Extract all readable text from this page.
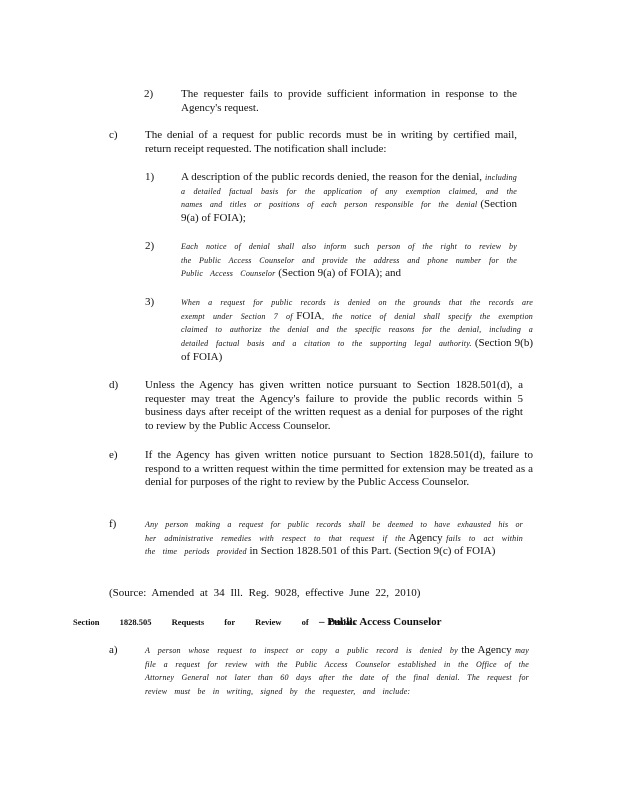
2)	The requester fails to provide sufficient information in response to the Agency's request.
c) The denial of a request for public records must be in writing by certified mail, return receipt requested. The notification shall include:
1) A description of the public records denied, the reason for the denial, including a detailed factual basis for the application of any exemption claimed, and the names and titles or positions of each person responsible for the denial (Section 9(a) of FOIA);
2)	Each notice of denial shall also inform such person of the right to review by the Public Access Counselor and provide the address and phone number for the Public Access Counselor (Section 9(a) of FOIA); and
3)	When a request for public records is denied on the grounds that the records are exempt under Section 7 of FOIA, the notice of denial shall specify the exemption claimed to authorize the denial and the specific reasons for the denial, including a detailed factual basis and a citation to the supporting legal authority. (Section 9(b) of FOIA)
d) Unless the Agency has given written notice pursuant to Section 1828.501(d), a requester may treat the Agency's failure to provide the public records within 5 business days after receipt of the written request as a denial for purposes of the right to review by the Public Access Counselor.
e) If the Agency has given written notice pursuant to Section 1828.501(d), failure to respond to a written request within the time permitted for extension may be treated as a denial for purposes of the right to review by the Public Access Counselor.
f)	Any person making a request for public records shall be deemed to have exhausted his or her administrative remedies with respect to that request if the Agency fails to act within the time periods provided in Section 1828.501 of this Part. (Section 9(c) of FOIA)
(Source: Amended at 34 Ill. Reg. 9028, effective June 22, 2010)
Section 1828.505 Requests for Review of Denials
– Public Access Counselor
a)	A person whose request to inspect or copy a public record is denied by the Agency may file a request for review with the Public Access Counselor established in the Office of the Attorney General not later than 60 days after the date of the final denial. The request for review must be in writing, signed by the requester, and include:
